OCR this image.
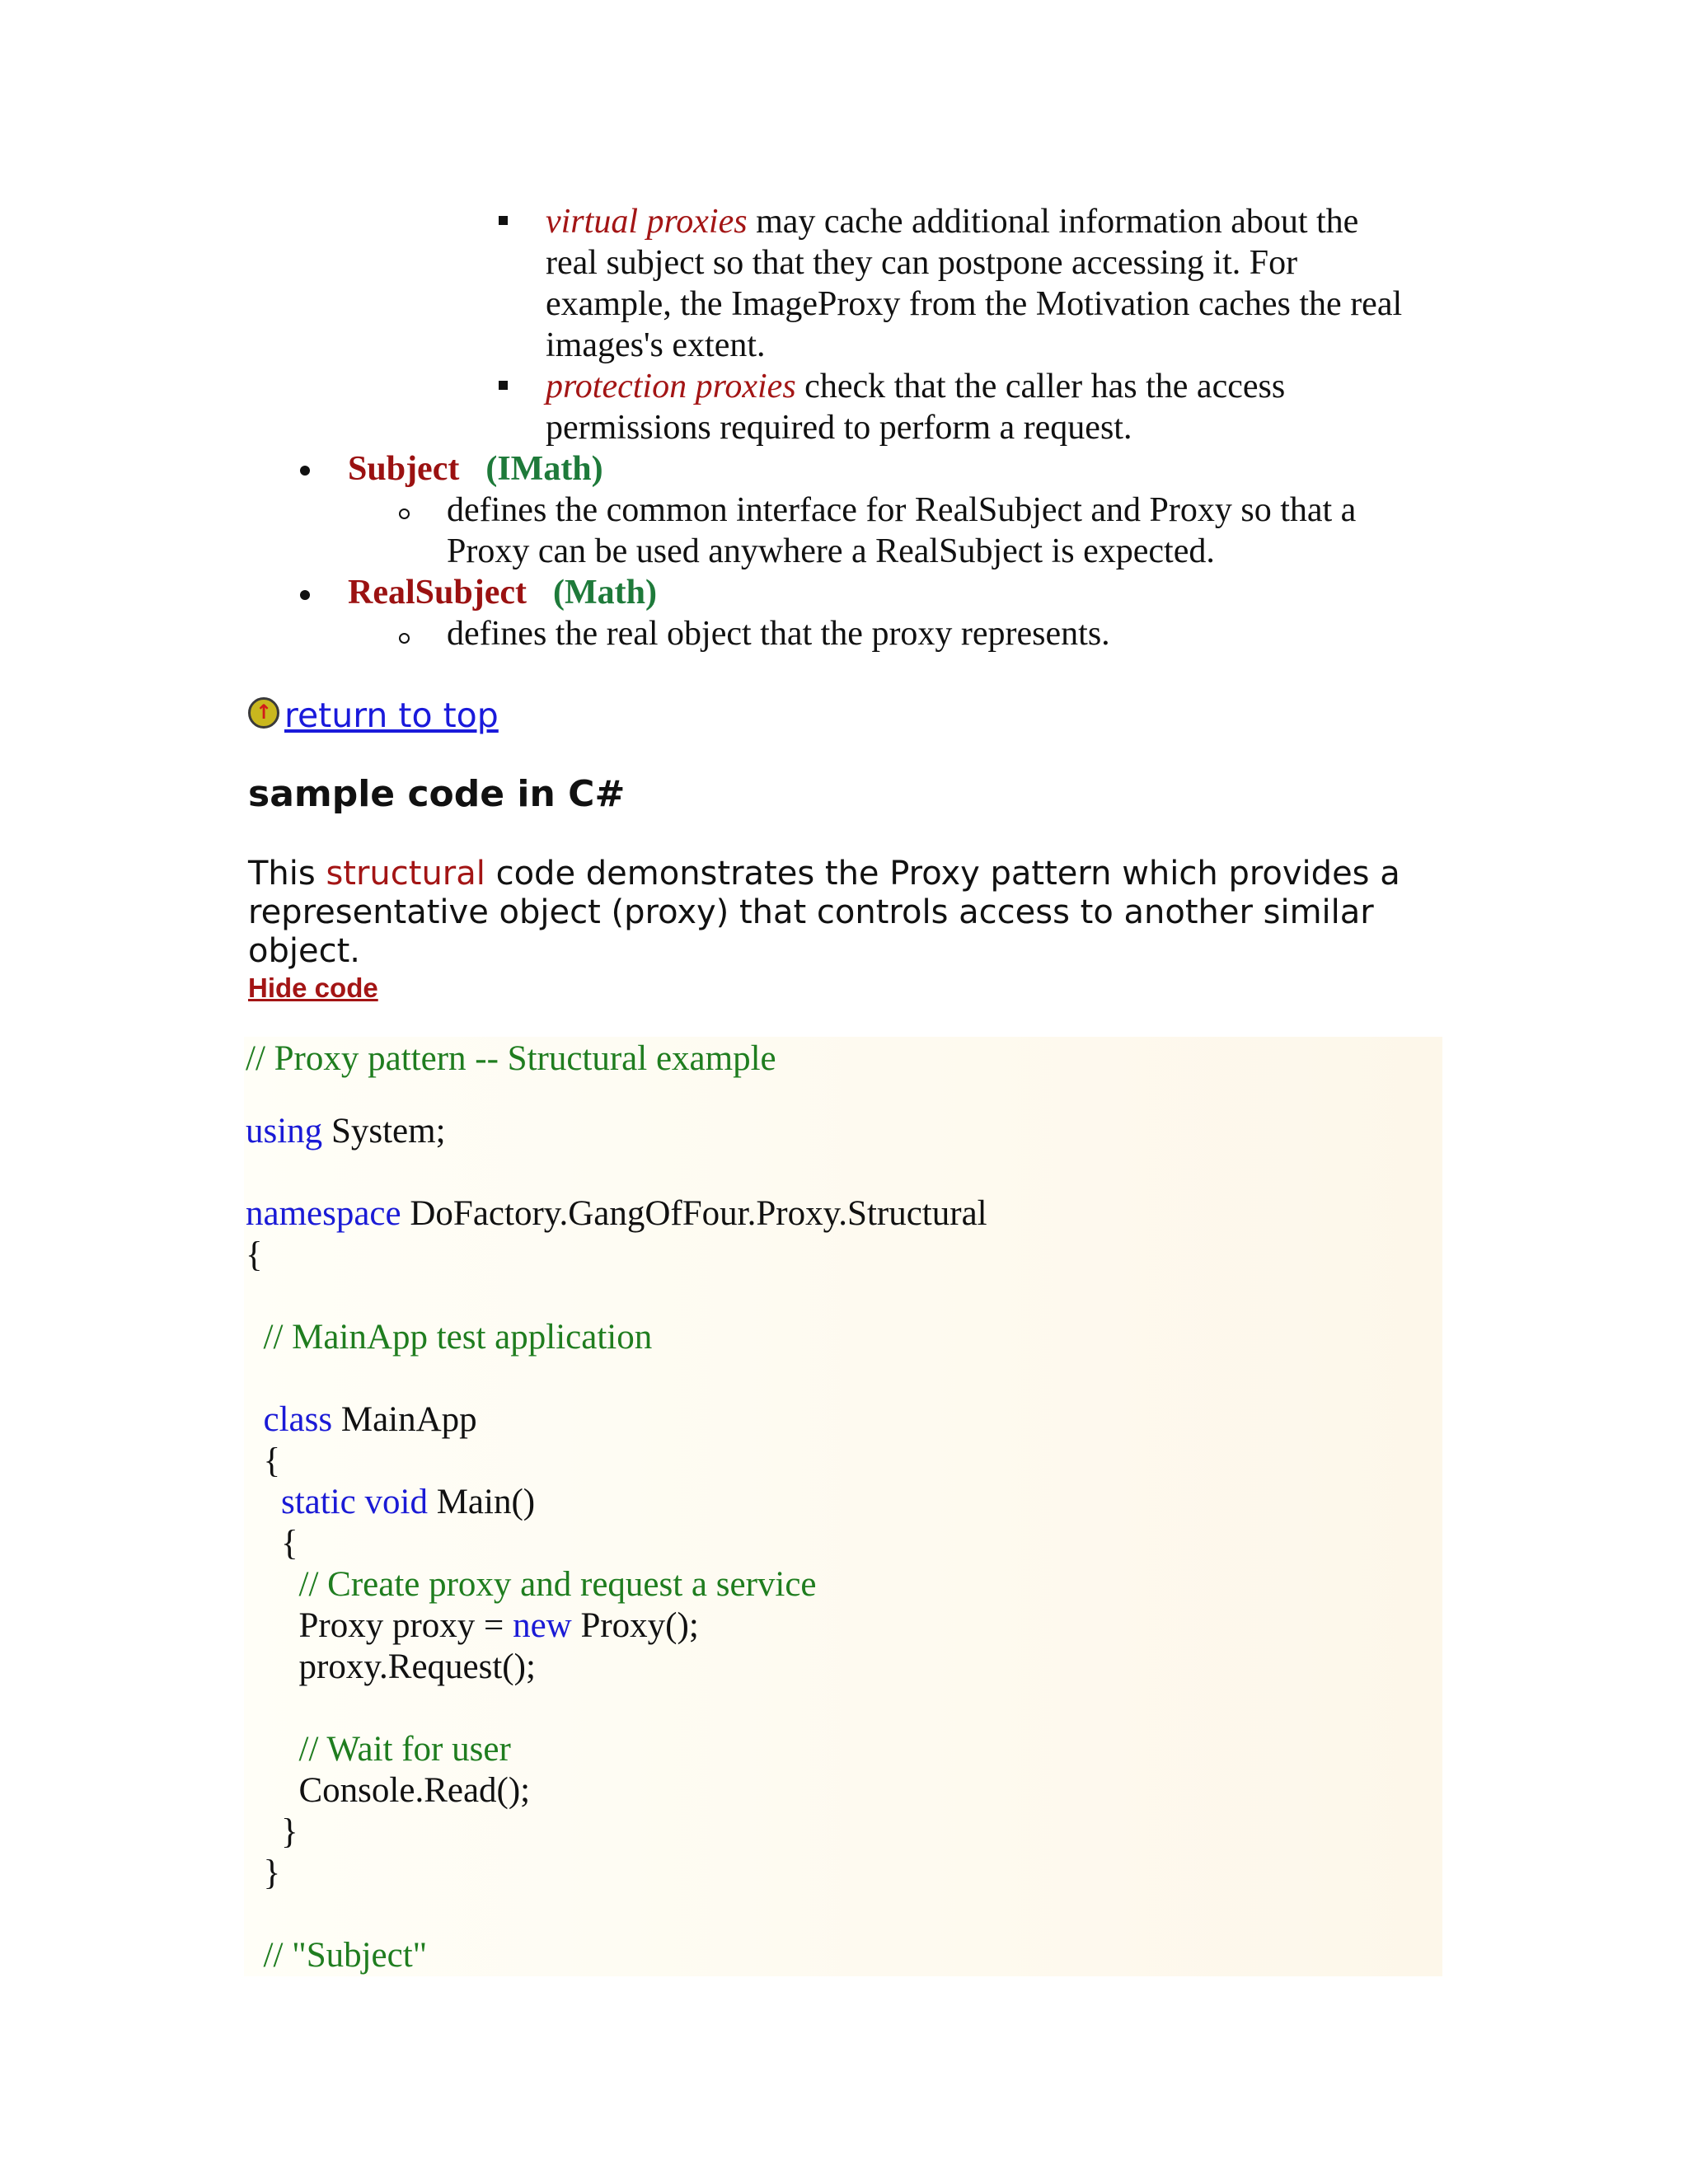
virtual proxies may cache additional information about the
real subject so that they can postpone accessing it. For
example, the ImageProxy from the Motivation caches the real
images's extent.
protection proxies check that the caller has the access
permissions required to perform a request.
Subject (IMath)
defines the common interface for RealSubject and Proxy so that a
Proxy can be used anywhere a RealSubject is expected.
RealSubject (Math)
defines the real object that the proxy represents.
↑ return to top
sample code in C#
This structural code demonstrates the Proxy pattern which provides a
representative object (proxy) that controls access to another similar
object.
Hide code
// Proxy pattern -- Structural example
using System;
namespace DoFactory.GangOfFour.Proxy.Structural
{
// MainApp test application
class MainApp
{
static void Main()
{
// Create proxy and request a service
Proxy proxy = new Proxy();
proxy.Request();
// Wait for user
Console.Read();
}
}
// "Subject"
